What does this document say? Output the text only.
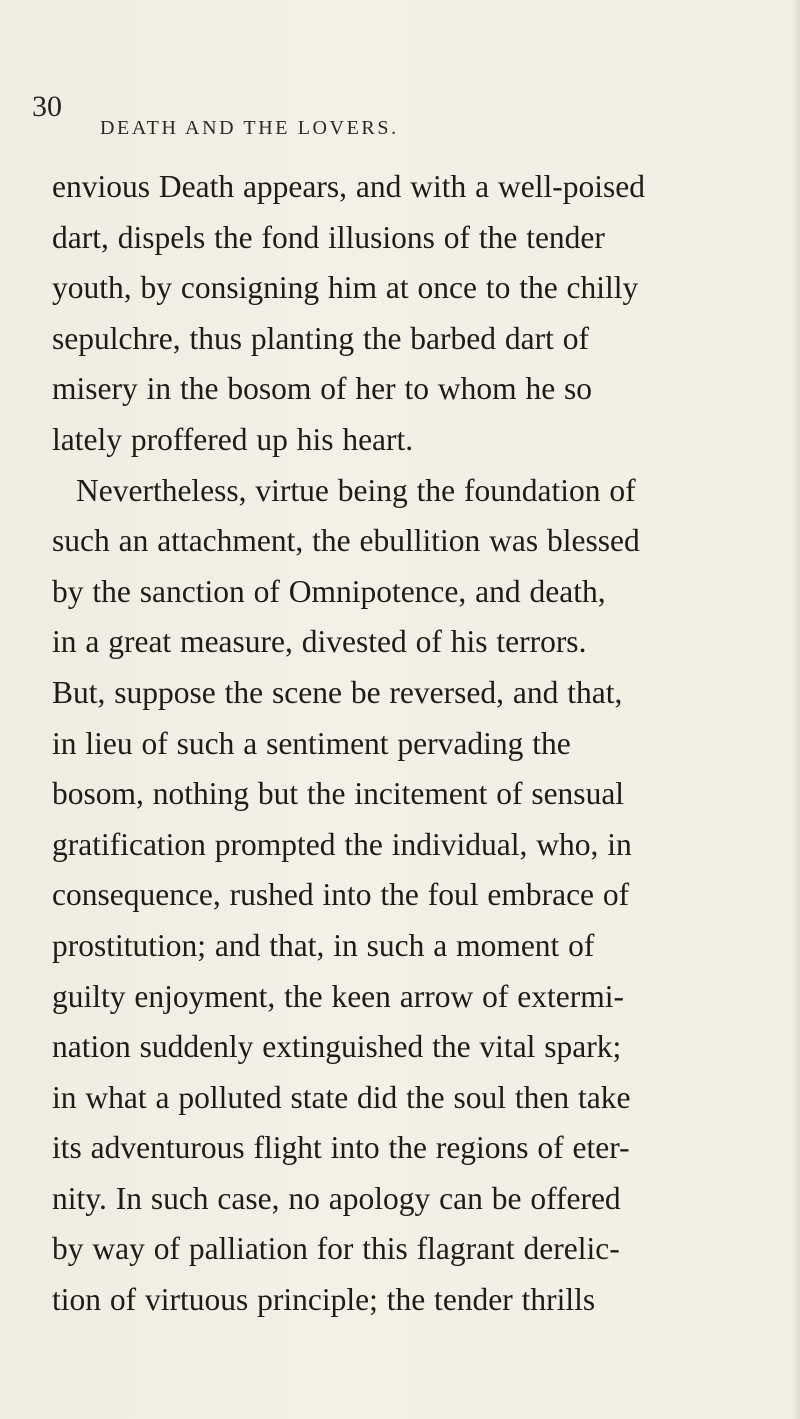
30
DEATH AND THE LOVERS.
envious Death appears, and with a well-poised
dart, dispels the fond illusions of the tender
youth, by consigning him at once to the chilly
sepulchre, thus planting the barbed dart of
misery in the bosom of her to whom he so
lately proffered up his heart.
Nevertheless, virtue being the foundation of
such an attachment, the ebullition was blessed
by the sanction of Omnipotence, and death,
in a great measure, divested of his terrors.
But, suppose the scene be reversed, and that,
in lieu of such a sentiment pervading the
bosom, nothing but the incitement of sensual
gratification prompted the individual, who, in
consequence, rushed into the foul embrace of
prostitution; and that, in such a moment of
guilty enjoyment, the keen arrow of extermi-
nation suddenly extinguished the vital spark;
in what a polluted state did the soul then take
its adventurous flight into the regions of eter-
nity. In such case, no apology can be offered
by way of palliation for this flagrant derelic-
tion of virtuous principle; the tender thrills
